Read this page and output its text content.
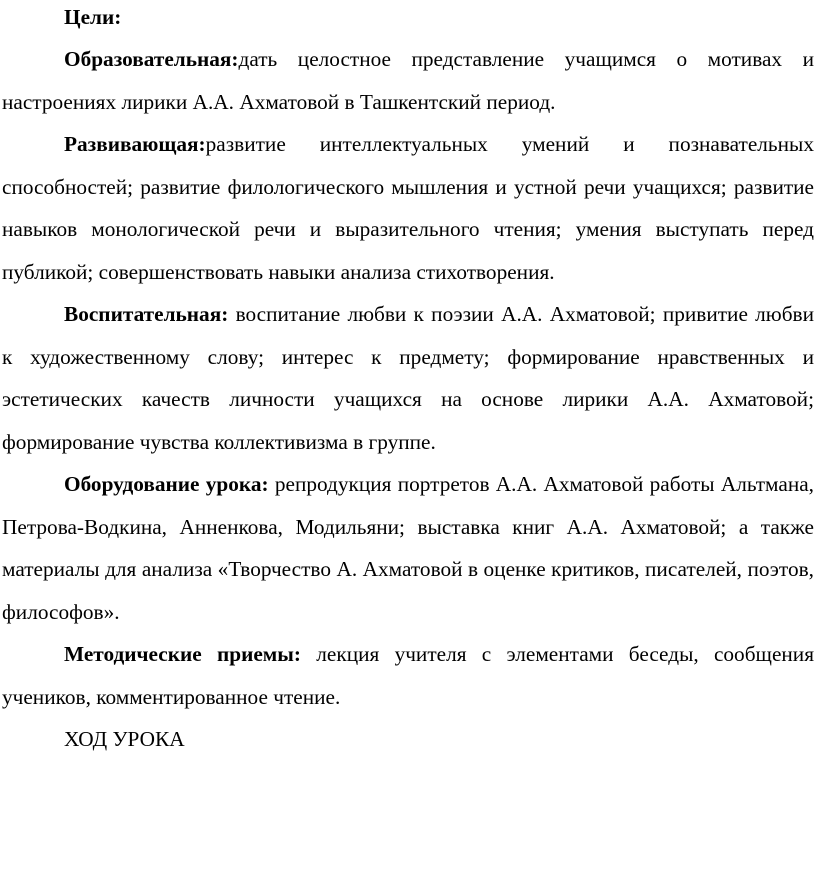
Цели:

Образовательная:дать целостное представление учащимся о мотивах и настроениях лирики А.А. Ахматовой в Ташкентский период.

Развивающая:развитие интеллектуальных умений и познавательных способностей; развитие филологического мышления и устной речи учащихся; развитие навыков монологической речи и выразительного чтения; умения выступать перед публикой; совершенствовать навыки анализа стихотворения.

Воспитательная: воспитание любви к поэзии А.А. Ахматовой; привитие любви к художественному слову; интерес к предмету; формирование нравственных и эстетических качеств личности учащихся на основе лирики А.А. Ахматовой; формирование чувства коллективизма в группе.

Оборудование урока: репродукция портретов А.А. Ахматовой работы Альтмана, Петрова-Водкина, Анненкова, Модильяни; выставка книг А.А. Ахматовой; а также материалы для анализа «Творчество А. Ахматовой в оценке критиков, писателей, поэтов, философов».

Методические приемы: лекция учителя с элементами беседы, сообщения учеников, комментированное чтение.

ХОД УРОКА
